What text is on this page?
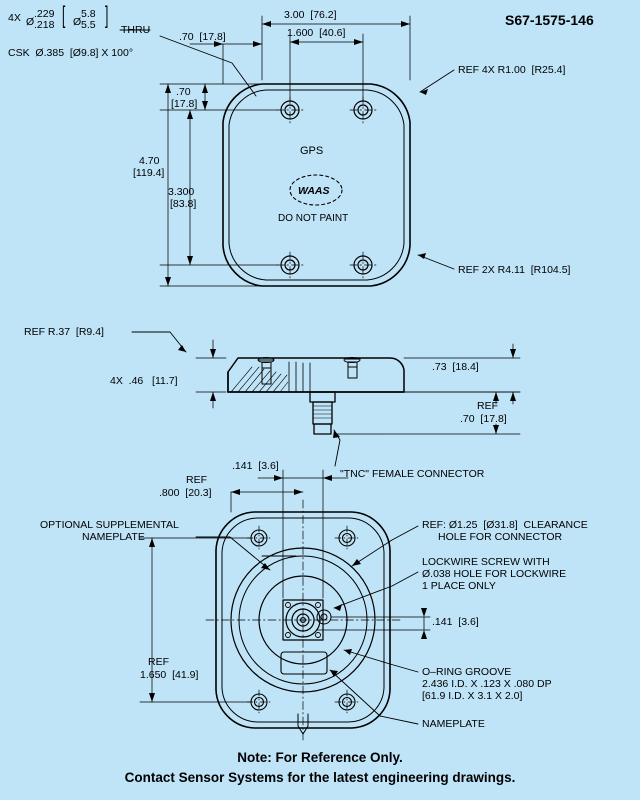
S67-1575-146
4X Ø
.229
.218 [ Ø
5.8
5.5 ]
THRU
CSK  Ø.385  [Ø9.8] X 100°
3.00  [76.2]
1.600  [40.6]
.70  [17.8]
.70
[17.8]
4.70
[119.4]
3.300
[83.8]
REF 4X R1.00  [R25.4]
REF 2X R4.11  [R104.5]
GPS
WAAS
DO NOT PAINT
REF R.37  [R9.4]
4X  .46   [11.7]
.73  [18.4]
REF
.70  [17.8]
"TNC" FEMALE CONNECTOR
.141  [3.6]
REF
.800  [20.3]
OPTIONAL SUPPLEMENTAL
NAMEPLATE
REF: Ø1.25  [Ø31.8]  CLEARANCE
HOLE FOR CONNECTOR
LOCKWIRE SCREW WITH
Ø.038 HOLE FOR LOCKWIRE
1 PLACE ONLY
.141  [3.6]
REF
1.650  [41.9]	O–RING GROOVE
2.436 I.D. X .123 X .080 DP
[61.9 I.D. X 3.1 X 2.0]
NAMEPLATE
Note: For Reference Only.
Contact Sensor Systems for the latest engineering drawings.
